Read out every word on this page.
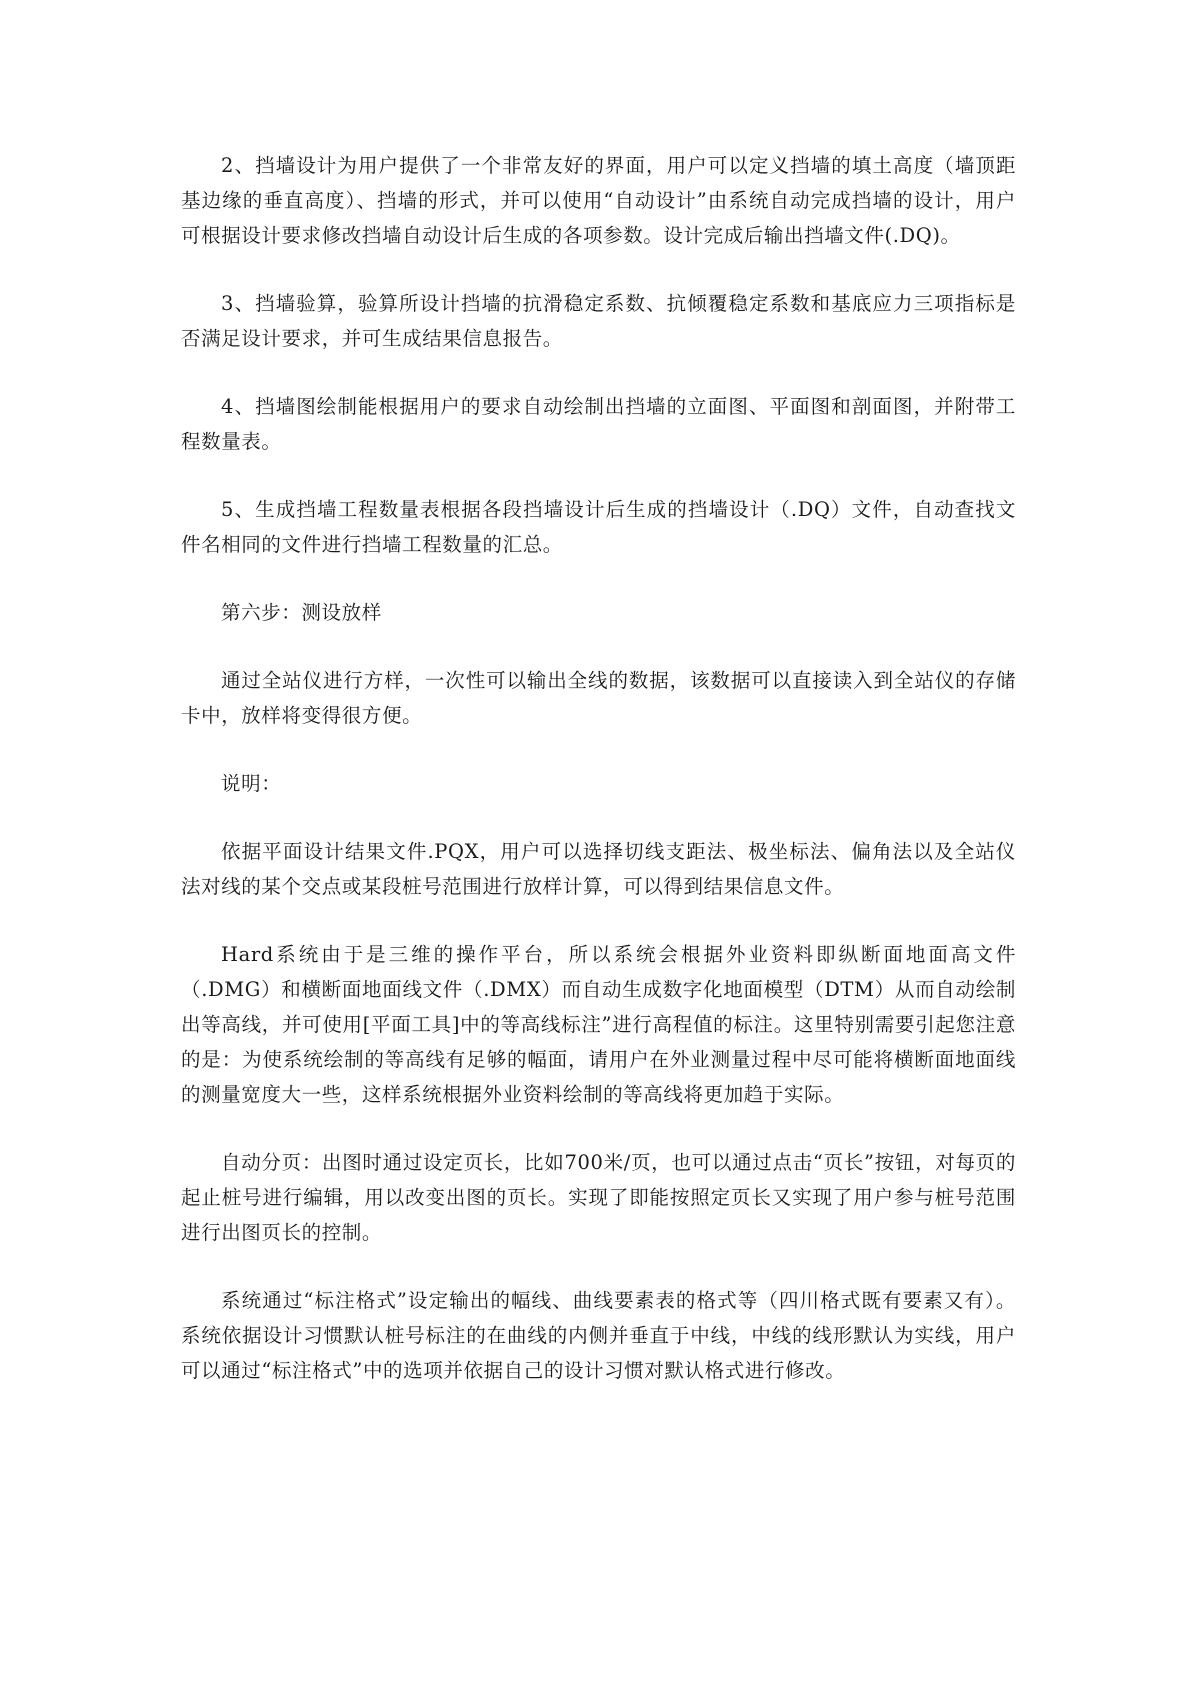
2、挡墙设计为用户提供了一个非常友好的界面，用户可以定义挡墙的填土高度（墙顶距基边缘的垂直高度）、挡墙的形式，并可以使用“自动设计”由系统自动完成挡墙的设计，用户可根据设计要求修改挡墙自动设计后生成的各项参数。设计完成后输出挡墙文件(.DQ)。

3、挡墙验算，验算所设计挡墙的抗滑稳定系数、抗倾覆稳定系数和基底应力三项指标是否满足设计要求，并可生成结果信息报告。

4、挡墙图绘制能根据用户的要求自动绘制出挡墙的立面图、平面图和剖面图，并附带工程数量表。

5、生成挡墙工程数量表根据各段挡墙设计后生成的挡墙设计（.DQ）文件，自动查找文件名相同的文件进行挡墙工程数量的汇总。

第六步：测设放样

通过全站仪进行方样，一次性可以输出全线的数据，该数据可以直接读入到全站仪的存储卡中，放样将变得很方便。

说明：

依据平面设计结果文件.PQX，用户可以选择切线支距法、极坐标法、偏角法以及全站仪法对线的某个交点或某段桩号范围进行放样计算，可以得到结果信息文件。

Hard系统由于是三维的操作平台，所以系统会根据外业资料即纵断面地面高文件（.DMG）和横断面地面线文件（.DMX）而自动生成数字化地面模型（DTM）从而自动绘制出等高线，并可使用[平面工具]中的等高线标注”进行高程值的标注。这里特别需要引起您注意的是：为使系统绘制的等高线有足够的幅面，请用户在外业测量过程中尽可能将横断面地面线的测量宽度大一些，这样系统根据外业资料绘制的等高线将更加趋于实际。

自动分页：出图时通过设定页长，比如700米/页，也可以通过点击“页长”按钮，对每页的起止桩号进行编辑，用以改变出图的页长。实现了即能按照定页长又实现了用户参与桩号范围进行出图页长的控制。

系统通过“标注格式”设定输出的幅线、曲线要素表的格式等（四川格式既有要素又有）。系统依据设计习惯默认桩号标注的在曲线的内侧并垂直于中线，中线的线形默认为实线，用户可以通过“标注格式”中的选项并依据自己的设计习惯对默认格式进行修改。
